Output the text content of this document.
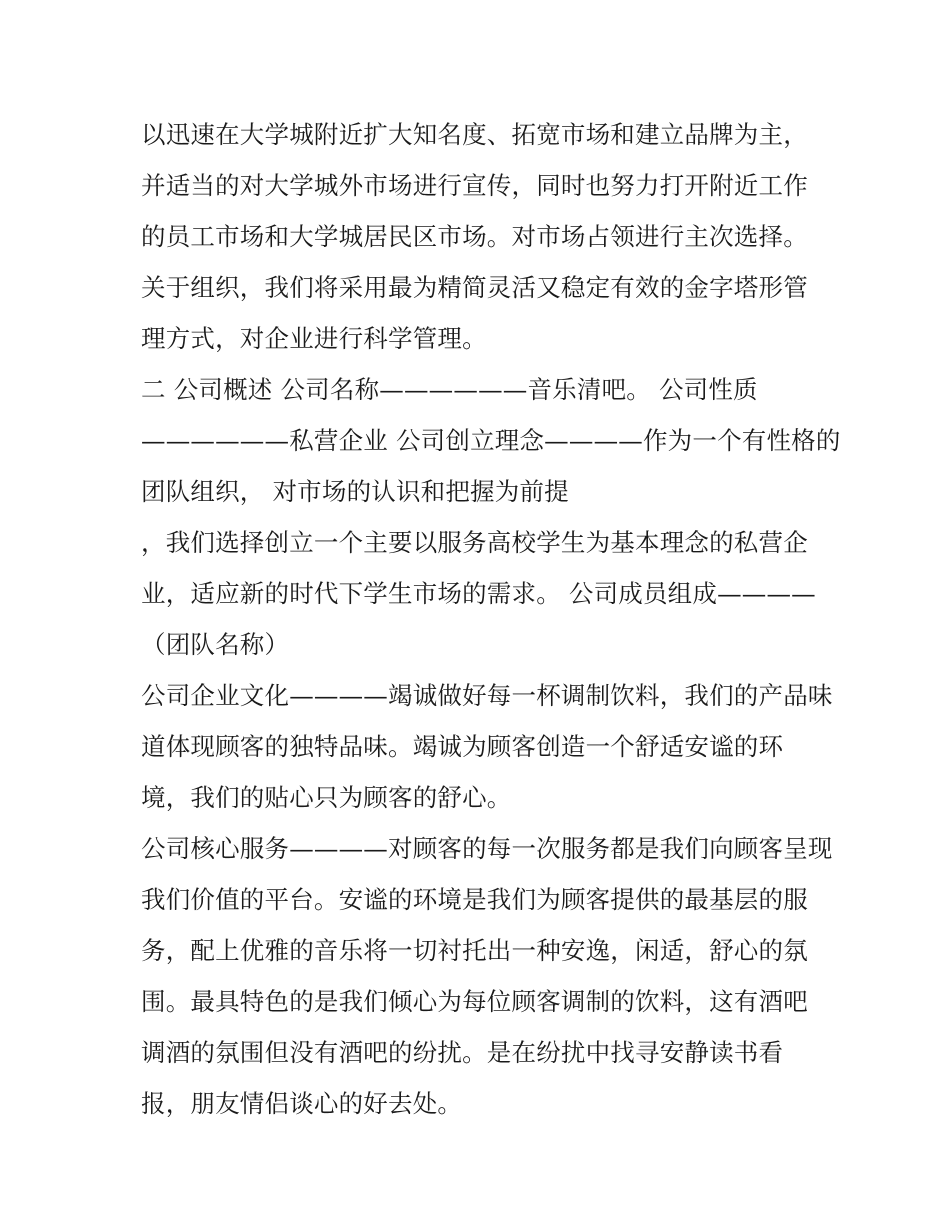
以迅速在大学城附近扩大知名度、拓宽市场和建立品牌为主，
并适当的对大学城外市场进行宣传，同时也努力打开附近工作
的员工市场和大学城居民区市场。对市场占领进行主次选择。
关于组织，我们将采用最为精简灵活又稳定有效的金字塔形管
理方式，对企业进行科学管理。
二 公司概述 公司名称——————音乐清吧。 公司性质
——————私营企业 公司创立理念————作为一个有性格的
团队组织， 对市场的认识和把握为前提
，我们选择创立一个主要以服务高校学生为基本理念的私营企
业，适应新的时代下学生市场的需求。 公司成员组成————
（团队名称）
公司企业文化————竭诚做好每一杯调制饮料，我们的产品味
道体现顾客的独特品味。竭诚为顾客创造一个舒适安谧的环
境，我们的贴心只为顾客的舒心。
公司核心服务————对顾客的每一次服务都是我们向顾客呈现
我们价值的平台。安谧的环境是我们为顾客提供的最基层的服
务，配上优雅的音乐将一切衬托出一种安逸，闲适，舒心的氛
围。最具特色的是我们倾心为每位顾客调制的饮料，这有酒吧
调酒的氛围但没有酒吧的纷扰。是在纷扰中找寻安静读书看
报，朋友情侣谈心的好去处。
